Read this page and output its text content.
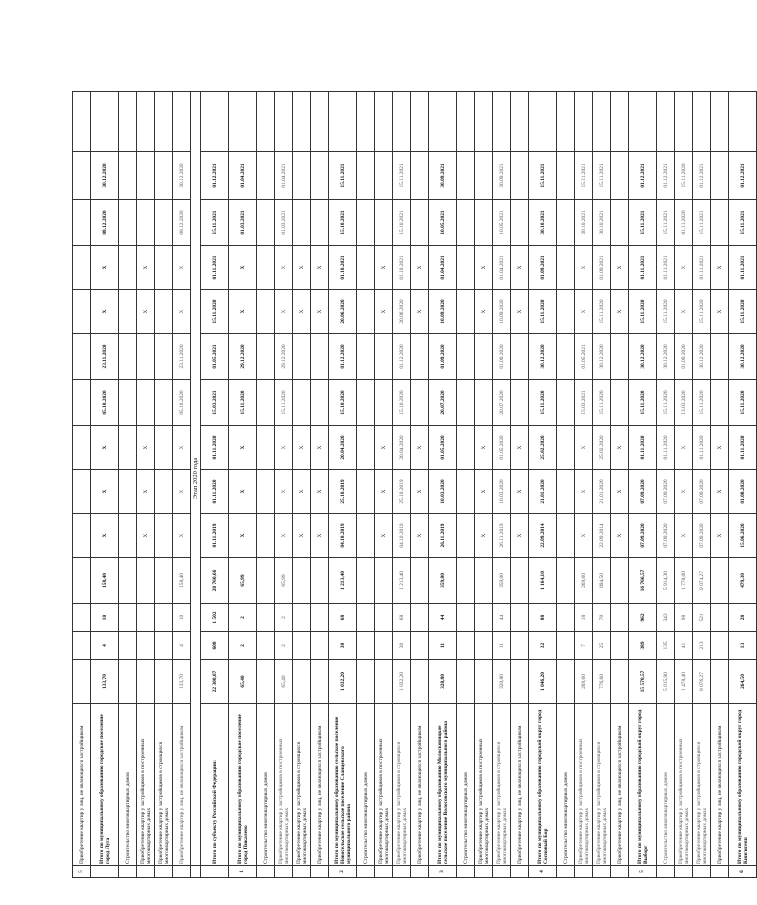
5	Приобретение квартир у лиц, не являющихся застройщиком														
	Итого по муниципальному образованию городское поселение город Луга	133,70	4	10	158,40	X	X	X	05.10.2020	23.11.2020	X	X	08.12.2020	30.12.2020	
	Строительство многоквартирных домов														
	Приобретение квартир у застройщиков в построенных многоквартирных домах					X	X	X			X	X			
	Приобретение квартир у застройщиков в строящихся многоквартирных домах														
	Приобретение квартир у лиц, не являющихся застройщиком	133,70	4	10	158,40	X	X	X	05.10.2020	23.11.2020	X	X	08.12.2020	30.12.2020	
	Этап 2020 года														
	Итого по субъекту Российской Федерации:	22 300,07	608	1 502	28 760,66	01.11.2019	01.11.2020	01.11.2020	15.03.2021	01.05.2021	15.11.2020	01.11.2021	15.11.2021	01.12.2021	
1	Итого по муниципальному образованию городское поселение город Пикалево	65,40	2	2	65,99	X	X	X	15.11.2020	29.12.2020	X	X	01.03.2021	01.04.2021	
	Строительство многоквартирных домов														
	Приобретение квартир у застройщиков в построенных многоквартирных домах	65,40	2	2	65,99	X	X	X	15.11.2020	29.12.2020	X	X	01.03.2021	01.04.2021	
	Приобретение квартир у застройщиков в строящихся многоквартирных домах					X	X	X			X	X			
	Приобретение квартир у лиц, не являющихся застройщиком					X	X	X			X	X			
2	Итого по муниципальному образованию сельское поселение Новосельское сельское поселение Сланцевского муниципального района	1 032,20	30	68	1 213,40	04.10.2019	25.10.2019	20.04.2020	15.10.2020	01.12.2020	20.06.2020	01.10.2021	15.10.2021	15.11.2021	
	Строительство многоквартирных домов														
	Приобретение квартир у застройщиков в построенных многоквартирных домах					X	X	X			X	X			
	Приобретение квартир у застройщиков в строящихся многоквартирных домах	1 032,20	30	68	1 213,40	04.10.2019	25.10.2019	20.04.2020	15.10.2020	01.12.2020	20.06.2020	01.10.2021	15.10.2021	15.11.2021	
	Приобретение квартир у лиц, не являющихся застройщиком					X	X	X			X	X			
3	Итого по муниципальному образованию Молосковицкое сельское поселение Волосовского муниципального района	320,80	11	44	359,00	26.11.2019	10.03.2020	01.05.2020	20.07.2020	01.09.2020	10.09.2020	01.04.2021	10.05.2021	30.09.2021	
	Строительство многоквартирных домов														
	Приобретение квартир у застройщиков в построенных многоквартирных домах					X	X	X			X	X			
	Приобретение квартир у застройщиков в строящихся многоквартирных домах	320,80	11	44	359,00	26.11.2019	10.03.2020	01.05.2020	20.07.2020	01.09.2020	10.09.2020	01.04.2021	10.05.2021	30.09.2021	
	Приобретение квартир у лиц, не являющихся застройщиком					X	X	X			X	X			
4	Итого по муниципальному образованию городской округ город Сосновый Бор	1 046,20	32	88	1 164,10	22.09.2014	21.01.2020	25.02.2020	15.11.2020	30.12.2020	15.11.2020	01.09.2021	30.10.2021	15.11.2021	
	Строительство многоквартирных домов														
	Приобретение квартир у застройщиков в построенных многоквартирных домах	269,60	7	18	269,60	X	X	X	15.03.2021	01.05.2021	X	X	30.10.2021	15.11.2021	
	Приобретение квартир у застройщиков в строящихся многоквартирных домах	776,60	25	70	894,50	22.09.2014	21.01.2020	25.02.2020	15.11.2020	30.12.2020	15.11.2020	01.09.2021	30.10.2021	15.11.2021	
	Приобретение квартир у лиц, не являющихся застройщиком					X	X	X			X	X			
5	Итого по муниципальному образованию городской округ город Выборг	15 570,57	389	962	16 766,57	07.09.2020	07.09.2020	01.11.2020	15.11.2020	30.12.2020	15.11.2020	01.11.2021	15.11.2021	01.12.2021	
	Строительство многоквартирных домов	5 015,90	135	343	5 914,30	07.09.2020	07.09.2020	01.11.2020	15.11.2020	30.12.2020	15.11.2020	01.11.2021	15.11.2021	01.12.2021	
	Приобретение квартир у застройщиков в построенных многоквартирных домах	1 478,40	41	98	1 778,00	X	X	X	13.03.2020	01.09.2020	X	X	01.11.2020	15.11.2020	
	Приобретение квартир у застройщиков в строящихся многоквартирных домах	9 076,27	213	521	9 074,27	07.09.2020	07.09.2020	01.11.2020	15.11.2020	30.12.2020	15.11.2020	01.11.2021	15.11.2021	01.12.2021	
	Приобретение квартир у лиц, не являющихся застройщиком					X	X	X			X	X			
6	Итого по муниципальному образованию городской округ город Кингисепп	264,50	13	28	479,30	15.06.2020	01.08.2020	01.11.2020	15.11.2020	30.12.2020	15.11.2020	01.11.2021	15.11.2021	01.12.2021	
